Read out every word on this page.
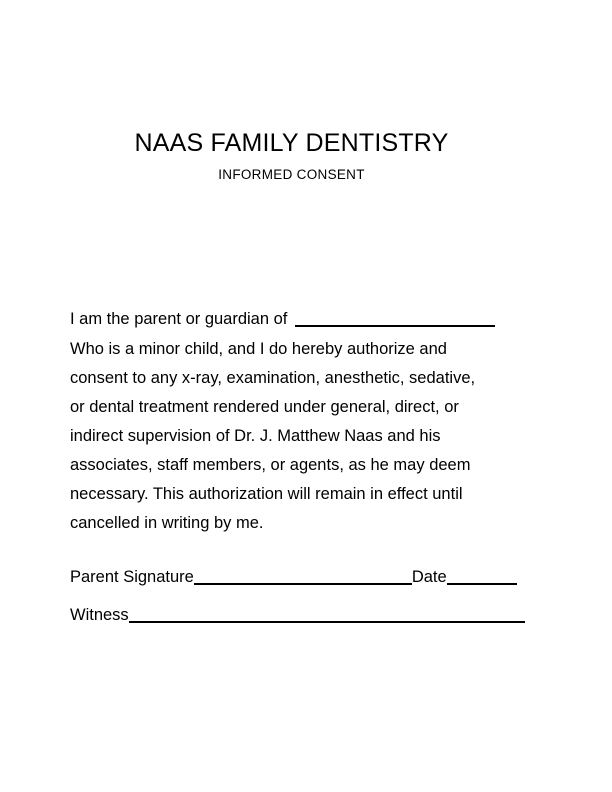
NAAS FAMILY DENTISTRY
INFORMED CONSENT
I am the parent or guardian of
Who is a minor child, and I do hereby authorize and
consent to any x-ray, examination, anesthetic, sedative,
or dental treatment rendered under general, direct, or
indirect supervision of Dr. J. Matthew Naas and his
associates, staff members, or agents, as he may deem
necessary. This authorization will remain in effect until
cancelled in writing by me.
Parent Signature	Date
Witness
